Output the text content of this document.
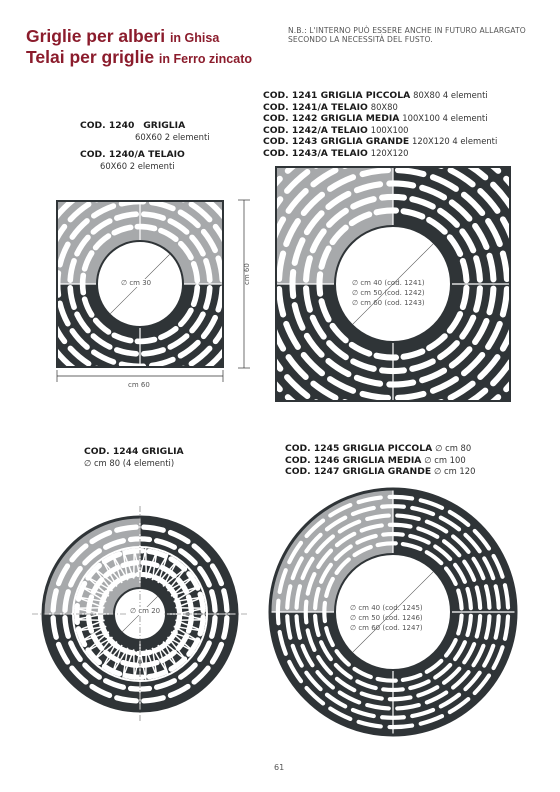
Griglie per alberi in Ghisa
Telai per griglie in Ferro zincato
N.B.: L'INTERNO PUÒ ESSERE ANCHE IN FUTURO ALLARGATO
SECONDO LA NECESSITÀ DEL FUSTO.
COD. 1240 GRIGLIA
60X60 2 elementi
COD. 1240/A TELAIO
60X60 2 elementi
COD. 1241 GRIGLIA PICCOLA 80X80 4 elementi
COD. 1241/A TELAIO 80X80
COD. 1242 GRIGLIA MEDIA 100X100 4 elementi
COD. 1242/A TELAIO 100X100
COD. 1243 GRIGLIA GRANDE 120X120 4 elementi
COD. 1243/A TELAIO 120X120
COD. 1244 GRIGLIA
∅ cm 80 (4 elementi)
COD. 1245 GRIGLIA PICCOLA ∅ cm 80
COD. 1246 GRIGLIA MEDIA ∅ cm 100
COD. 1247 GRIGLIA GRANDE ∅ cm 120
∅ cm 30	cm 60
cm 60
∅ cm 40 (cod. 1241)
∅ cm 50 (cod. 1242)
∅ cm 60 (cod. 1243)
∅ cm 20	∅ cm 40 (cod. 1245)
∅ cm 50 (cod. 1246)
∅ cm 60 (cod. 1247)
61
